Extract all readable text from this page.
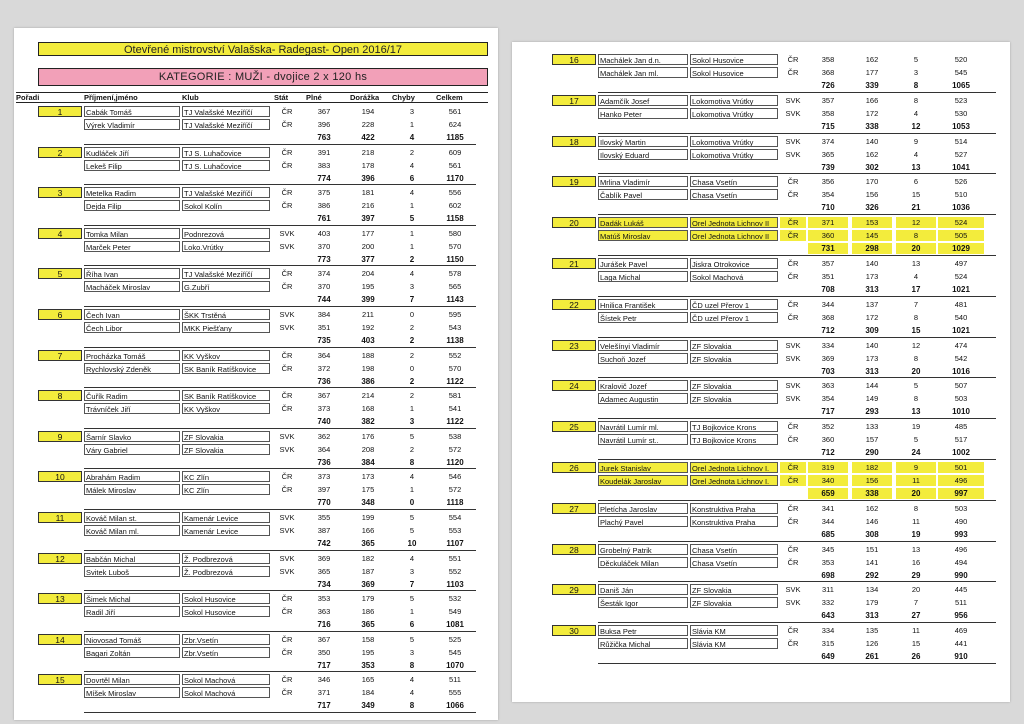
Otevřené mistrovství Valašska- Radegast- Open 2016/17
KATEGORIE : MUŽI - dvojice 2 x 120 hs
Pořadí	Příjmení,jméno	Klub	Stát Plné	Dorážka Chyby	Celkem
1	Cabák Tomáš	TJ Valašské Meziříčí	ČR	367	194	3	561
Výrek Vladimír	TJ Valašské Meziříčí	ČR	396	228	1	624
763	422	4	1185
2	Kudláček Jiří	TJ S. Luhačovice	ČR	391	218	2	609
Lekeš Filip	TJ S. Luhačovice	ČR	383	178	4	561
774	396	6	1170
3	Metelka Radim	TJ Valašské Meziříčí	ČR	375	181	4	556
Dejda Filip	Sokol Kolín	ČR	386	216	1	602
761	397	5	1158
4	Tomka Milan	Podnrezová	SVK	403	177	1	580
Marček Peter	Loko.Vrútky	SVK	370	200	1	570
773	377	2	1150
5	Říha Ivan	TJ Valašské Meziříčí	ČR	374	204	4	578
Macháček Miroslav	G.Zubří	ČR	370	195	3	565
744	399	7	1143
6	Čech Ivan	ŠKK Trstěná	SVK	384	211	0	595
Čech Libor	MKK Piešťany	SVK	351	192	2	543
735	403	2	1138
7	Procházka Tomáš	KK Vyškov	ČR	364	188	2	552
Rychlovský Zdeněk	SK Baník Ratíškovice	ČR	372	198	0	570
736	386	2	1122
8	Čuřík Radim	SK Baník Ratíškovice	ČR	367	214	2	581
Trávníček Jiří	KK Vyškov	ČR	373	168	1	541
740	382	3	1122
9	Šarnír Slavko	ZF Slovakia	SVK	362	176	5	538
Váry Gabriel	ZF Slovakia	SVK	364	208	2	572
736	384	8	1120
10	Abrahám Radim	KC Zlín	ČR	373	173	4	546
Málek Miroslav	KC Zlín	ČR	397	175	1	572
770	348	0	1118
11	Kováč Milan st.	Kamenár Levice	SVK	355	199	5	554
Kováč Milan ml.	Kamenár Levice	SVK	387	166	5	553
742	365	10	1107
12	Babčán Michal	Ž. Podbrezová	SVK	369	182	4	551
Svitek Luboš	Ž. Podbrezová	SVK	365	187	3	552
734	369	7	1103
13	Šimek Michal	Sokol Husovice	ČR	353	179	5	532
Radil Jiří	Sokol Husovice	ČR	363	186	1	549
716	365	6	1081
14	Niovosad Tomáš	Zbr.Vsetín	ČR	367	158	5	525
Bagari Zoltán	Zbr.Vsetín	ČR	350	195	3	545
717	353	8	1070
15	Dovrtěl Milan	Sokol Machová	ČR	346	165	4	511
Míšek Miroslav	Sokol Machová	ČR	371	184	4	555
717	349	8	1066
16	Machálek Jan d.n.	Sokol Husovice	ČR	358	162	5	520
Machálek Jan ml.	Sokol Husovice	ČR	368	177	3	545
726	339	8	1065
17	Adamčík Josef	Lokomotiva Vrútky	SVK	357	166	8	523
Hanko Peter	Lokomotiva Vrútky	SVK	358	172	4	530
715	338	12	1053
18	Ilovský Martin	Lokomotiva Vrútky	SVK	374	140	9	514
Ilovský Eduard	Lokomotiva Vrútky	SVK	365	162	4	527
739	302	13	1041
19	Mrlina Vladimír	Chasa Vsetín	ČR	356	170	6	526
Čablík Pavel	Chasa Vsetín	ČR	354	156	15	510
710	326	21	1036
20	Dadák Lukáš	Orel Jednota Lichnov II	ČR	371	153	12	524
Matúš Miroslav	Orel Jednota Lichnov II	ČR	360	145	8	505
731	298	20	1029
21	Jurášek Pavel	Jiskra Otrokovice	ČR	357	140	13	497
Laga Michal	Sokol Machová	ČR	351	173	4	524
708	313	17	1021
22	Hnilica František	ČD uzel Přerov 1	ČR	344	137	7	481
Šístek Petr	ČD uzel Přerov 1	ČR	368	172	8	540
712	309	15	1021
23	Velešínyi Vladimír	ZF Slovakia	SVK	334	140	12	474
Suchoň Jozef	ZF Slovakia	SVK	369	173	8	542
703	313	20	1016
24	Kralovič Jozef	ZF Slovakia	SVK	363	144	5	507
Adamec Augustin	ZF Slovakia	SVK	354	149	8	503
717	293	13	1010
25	Navrátil Lumír ml.	TJ Bojkovice Krons	ČR	352	133	19	485
Navrátil Lumír st..	TJ Bojkovice Krons	ČR	360	157	5	517
712	290	24	1002
26	Jurek Stanislav	Orel Jednota Lichnov I.	ČR	319	182	9	501
Koudelák Jaroslav	Orel Jednota Lichnov I.	ČR	340	156	11	496
659	338	20	997
27	Pletícha Jaroslav	Konstruktiva Praha	ČR	341	162	8	503
Plachý Pavel	Konstruktiva Praha	ČR	344	146	11	490
685	308	19	993
28	Grobelný Patrik	Chasa Vsetín	ČR	345	151	13	496
Děckuláček Milan	Chasa Vsetín	ČR	353	141	16	494
698	292	29	990
29	Daniš Ján	ZF Slovakia	SVK	311	134	20	445
Šesták Igor	ZF Slovakia	SVK	332	179	7	511
643	313	27	956
30	Buksa Petr	Slávia KM	ČR	334	135	11	469
Růžička Michal	Slávia KM	ČR	315	126	15	441
649	261	26	910
